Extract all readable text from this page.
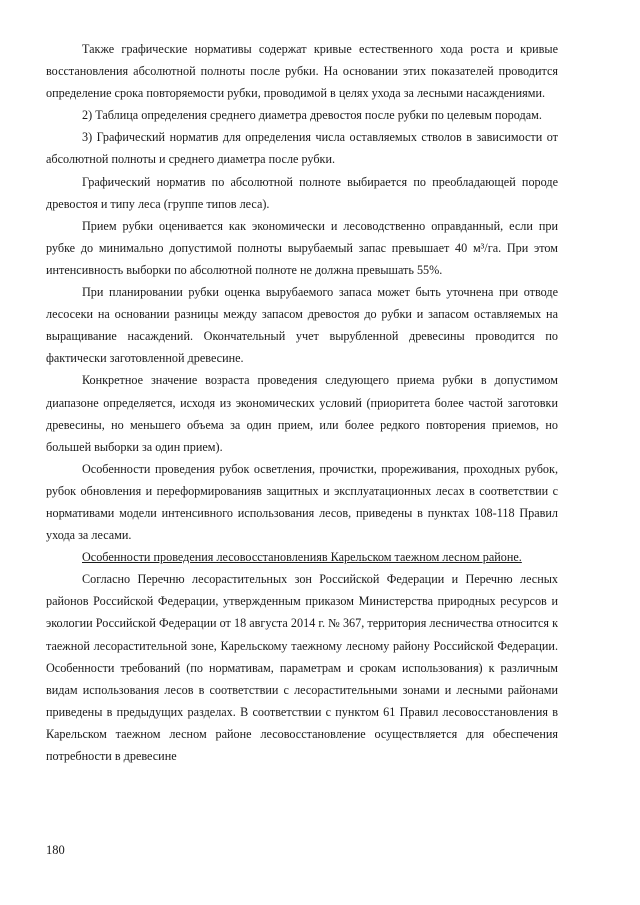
Также графические нормативы содержат кривые естественного хода роста и кривые восстановления абсолютной полноты после рубки. На основании этих показателей проводится определение срока повторяемости рубки, проводимой в целях ухода за лесными насаждениями.

2) Таблица определения среднего диаметра древостоя после рубки по целевым породам.

3) Графический норматив для определения числа оставляемых стволов в зависимости от абсолютной полноты и среднего диаметра после рубки.

Графический норматив по абсолютной полноте выбирается по преобладающей породе древостоя и типу леса (группе типов леса).

Прием рубки оценивается как экономически и лесоводственно оправданный, если при рубке до минимально допустимой полноты вырубаемый запас превышает 40 м³/га. При этом интенсивность выборки по абсолютной полноте не должна превышать 55%.

При планировании рубки оценка вырубаемого запаса может быть уточнена при отводе лесосеки на основании разницы между запасом древостоя до рубки и запасом оставляемых на выращивание насаждений. Окончательный учет вырубленной древесины проводится по фактически заготовленной древесине.

Конкретное значение возраста проведения следующего приема рубки в допустимом диапазоне определяется, исходя из экономических условий (приоритета более частой заготовки древесины, но меньшего объема за один прием, или более редкого повторения приемов, но большей выборки за один прием).

Особенности проведения рубок осветления, прочистки, прореживания, проходных рубок, рубок обновления и переформированияв защитных и эксплуатационных лесах в соответствии с нормативами модели интенсивного использования лесов, приведены в пунктах 108-118 Правил ухода за лесами.

Особенности проведения лесовосстановленияв Карельском таежном лесном районе.

Согласно Перечню лесорастительных зон Российской Федерации и Перечню лесных районов Российской Федерации, утвержденным приказом Министерства природных ресурсов и экологии Российской Федерации от 18 августа 2014 г. № 367, территория лесничества относится к таежной лесорастительной зоне, Карельскому таежному лесному району Российской Федерации. Особенности требований (по нормативам, параметрам и срокам использования) к различным видам использования лесов в соответствии с лесорастительными зонами и лесными районами приведены в предыдущих разделах. В соответствии с пунктом 61 Правил лесовосстановления в Карельском таежном лесном районе лесовосстановление осуществляется для обеспечения потребности в древесине

180
